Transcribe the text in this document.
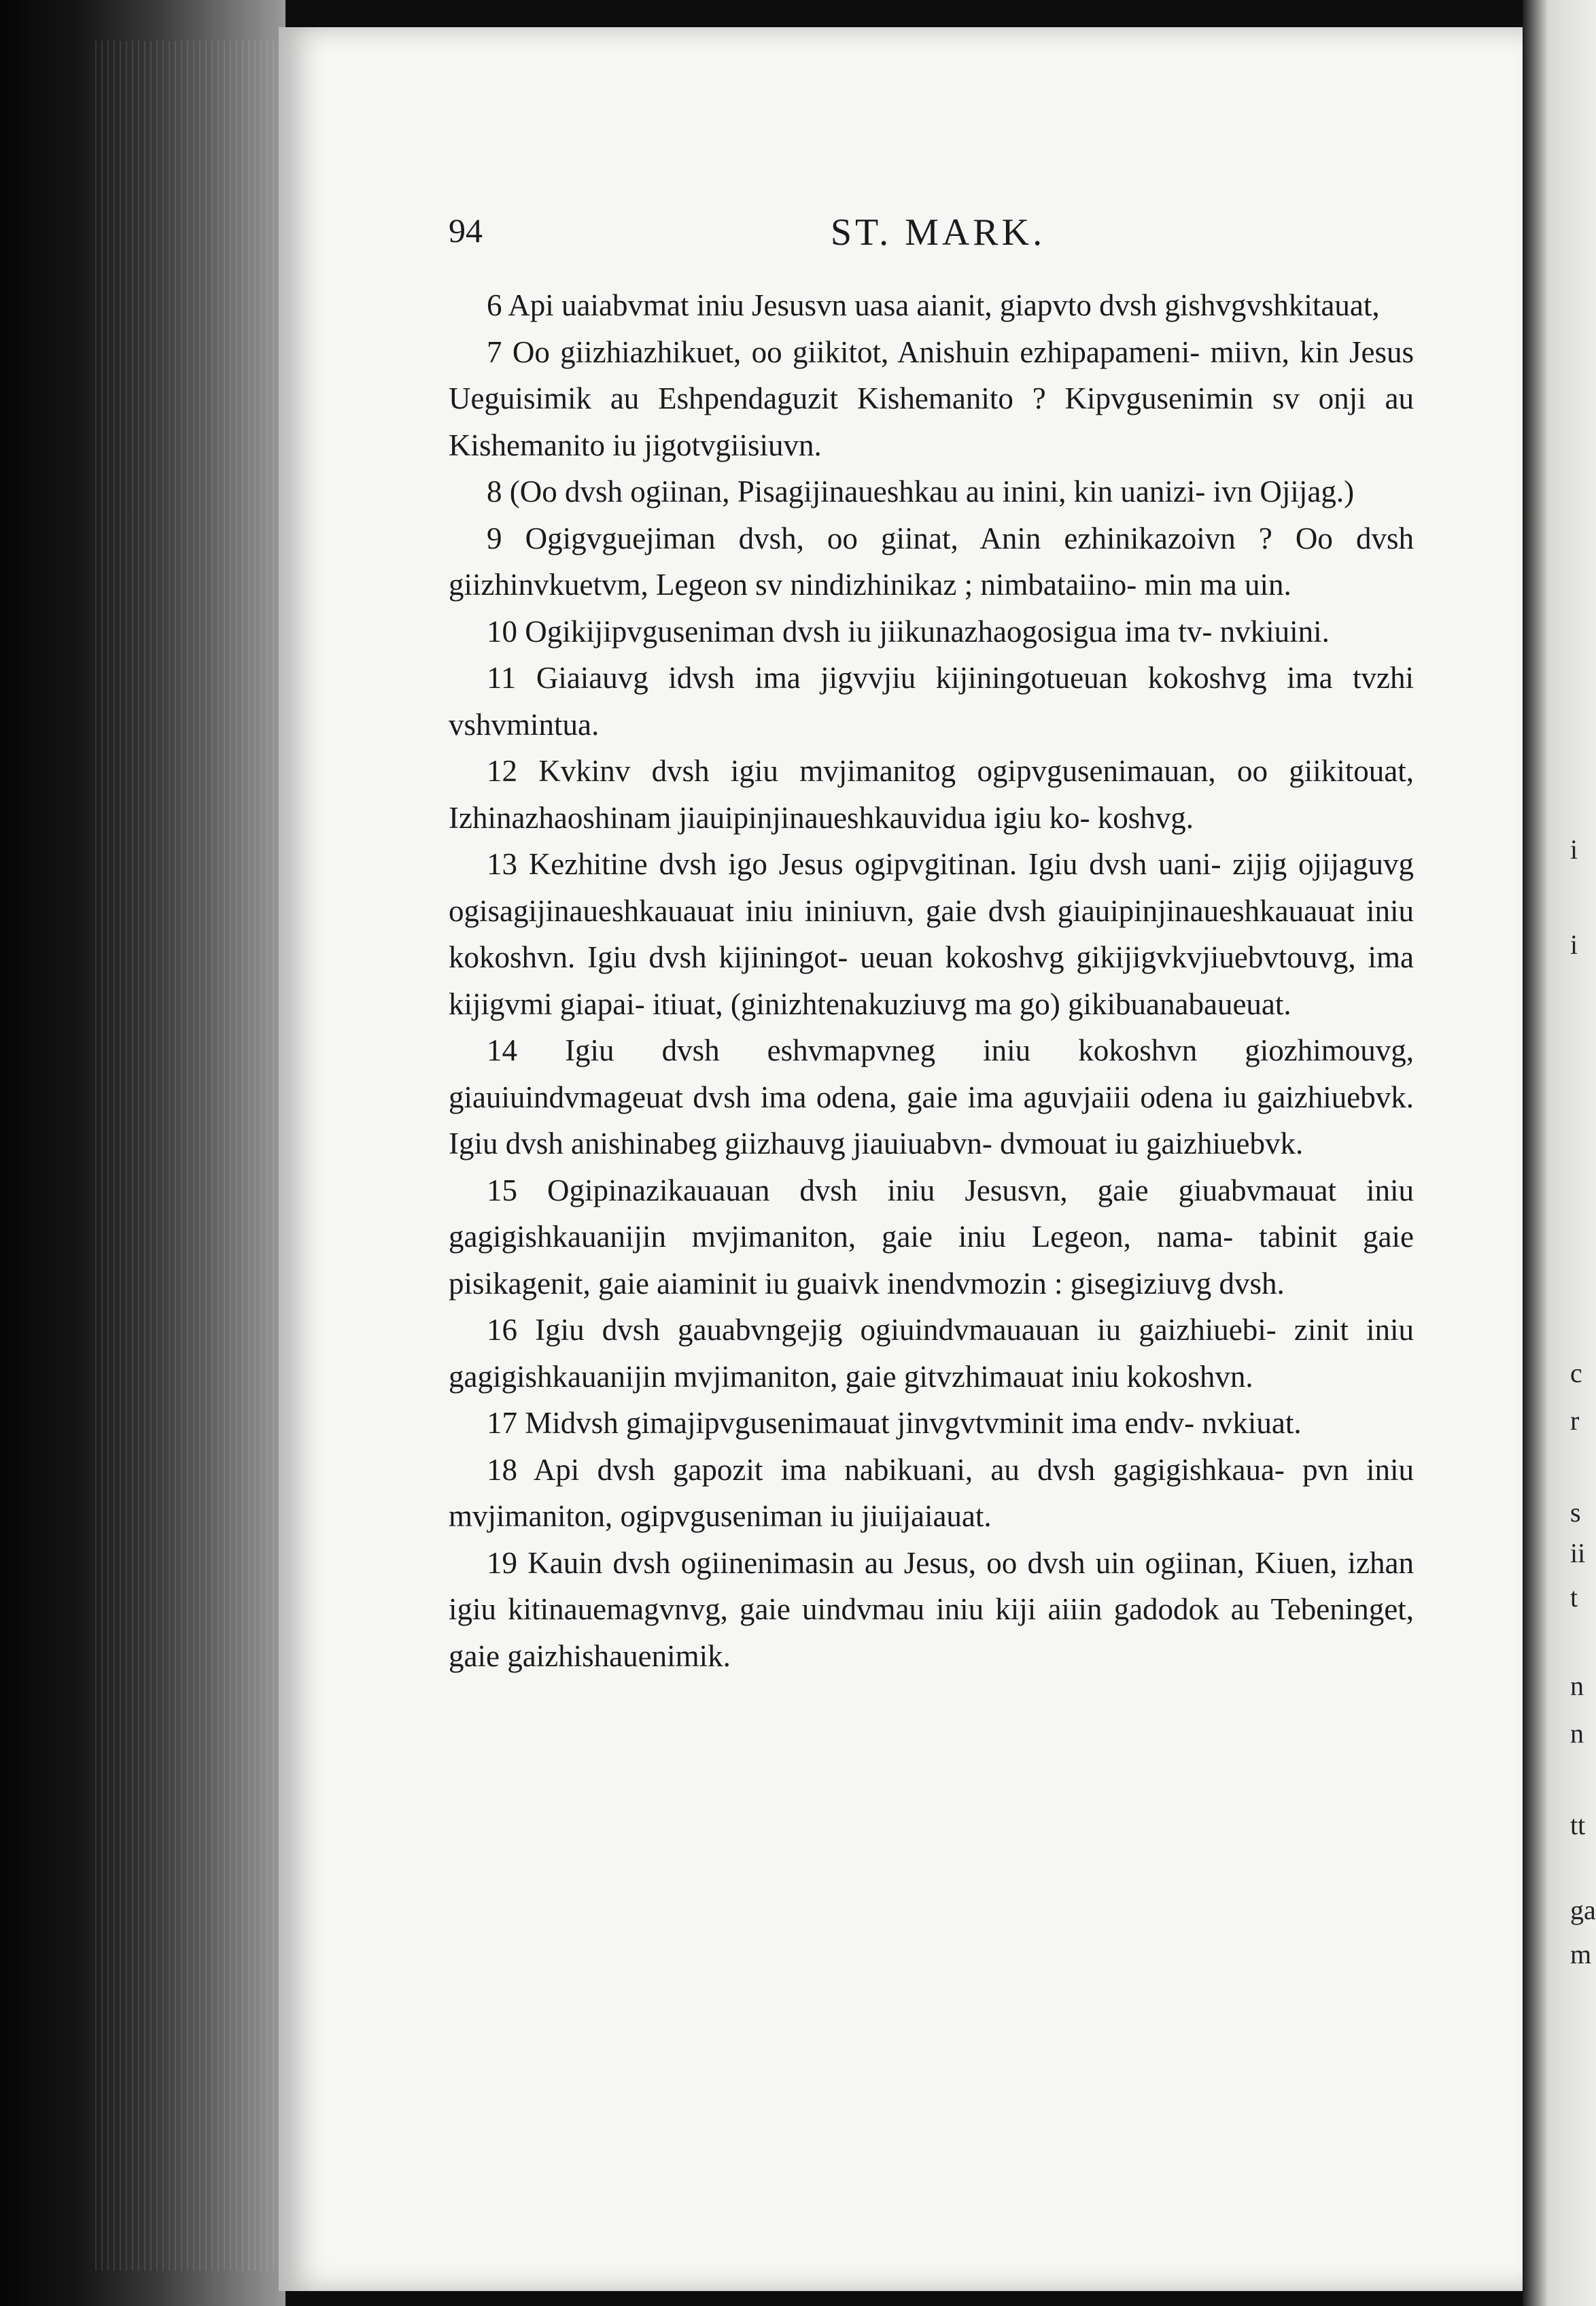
i
i
c
r
s
ii
t
n
n
tt
ga
m
ST. MARK.
94

6 Api uaiabvmat iniu Jesusvn uasa aianit, giapvto dvsh gishvgvshkitauat,

7 Oo giizhiazhikuet, oo giikitot, Anishuin ezhipapameni- miivn, kin Jesus Ueguisimik au Eshpendaguzit Kishemanito ? Kipvgusenimin sv onji au Kishemanito iu jigotvgiisiuvn.

8 (Oo dvsh ogiinan, Pisagijinaueshkau au inini, kin uanizi- ivn Ojijag.)

9 Ogigvguejiman dvsh, oo giinat, Anin ezhinikazoivn ? Oo dvsh giizhinvkuetvm, Legeon sv nindizhinikaz ; nimbataiino- min ma uin.

10 Ogikijipvguseniman dvsh iu jiikunazhaogosigua ima tv- nvkiuini.

11 Giaiauvg idvsh ima jigvvjiu kijiningotueuan kokoshvg ima tvzhi vshvmintua.

12 Kvkinv dvsh igiu mvjimanitog ogipvgusenimauan, oo giikitouat, Izhinazhaoshinam jiauipinjinaueshkauvidua igiu ko- koshvg.

13 Kezhitine dvsh igo Jesus ogipvgitinan. Igiu dvsh uani- zijig ojijaguvg ogisagijinaueshkauauat iniu ininiuvn, gaie dvsh giauipinjinaueshkauauat iniu kokoshvn. Igiu dvsh kijiningot- ueuan kokoshvg gikijigvkvjiuebvtouvg, ima kijigvmi giapai- itiuat, (ginizhtenakuziuvg ma go) gikibuanabaueuat.

14 Igiu dvsh eshvmapvneg iniu kokoshvn giozhimouvg, giauiuindvmageuat dvsh ima odena, gaie ima aguvjaiii odena iu gaizhiuebvk. Igiu dvsh anishinabeg giizhauvg jiauiuabvn- dvmouat iu gaizhiuebvk.

15 Ogipinazikauauan dvsh iniu Jesusvn, gaie giuabvmauat iniu gagigishkauanijin mvjimaniton, gaie iniu Legeon, nama- tabinit gaie pisikagenit, gaie aiaminit iu guaivk inendvmozin : gisegiziuvg dvsh.

16 Igiu dvsh gauabvngejig ogiuindvmauauan iu gaizhiuebi- zinit iniu gagigishkauanijin mvjimaniton, gaie gitvzhimauat iniu kokoshvn.

17 Midvsh gimajipvgusenimauat jinvgvtvminit ima endv- nvkiuat.

18 Api dvsh gapozit ima nabikuani, au dvsh gagigishkaua- pvn iniu mvjimaniton, ogipvguseniman iu jiuijaiauat.

19 Kauin dvsh ogiinenimasin au Jesus, oo dvsh uin ogiinan, Kiuen, izhan igiu kitinauemagvnvg, gaie uindvmau iniu kiji aiiin gadodok au Tebeninget, gaie gaizhishauenimik.
